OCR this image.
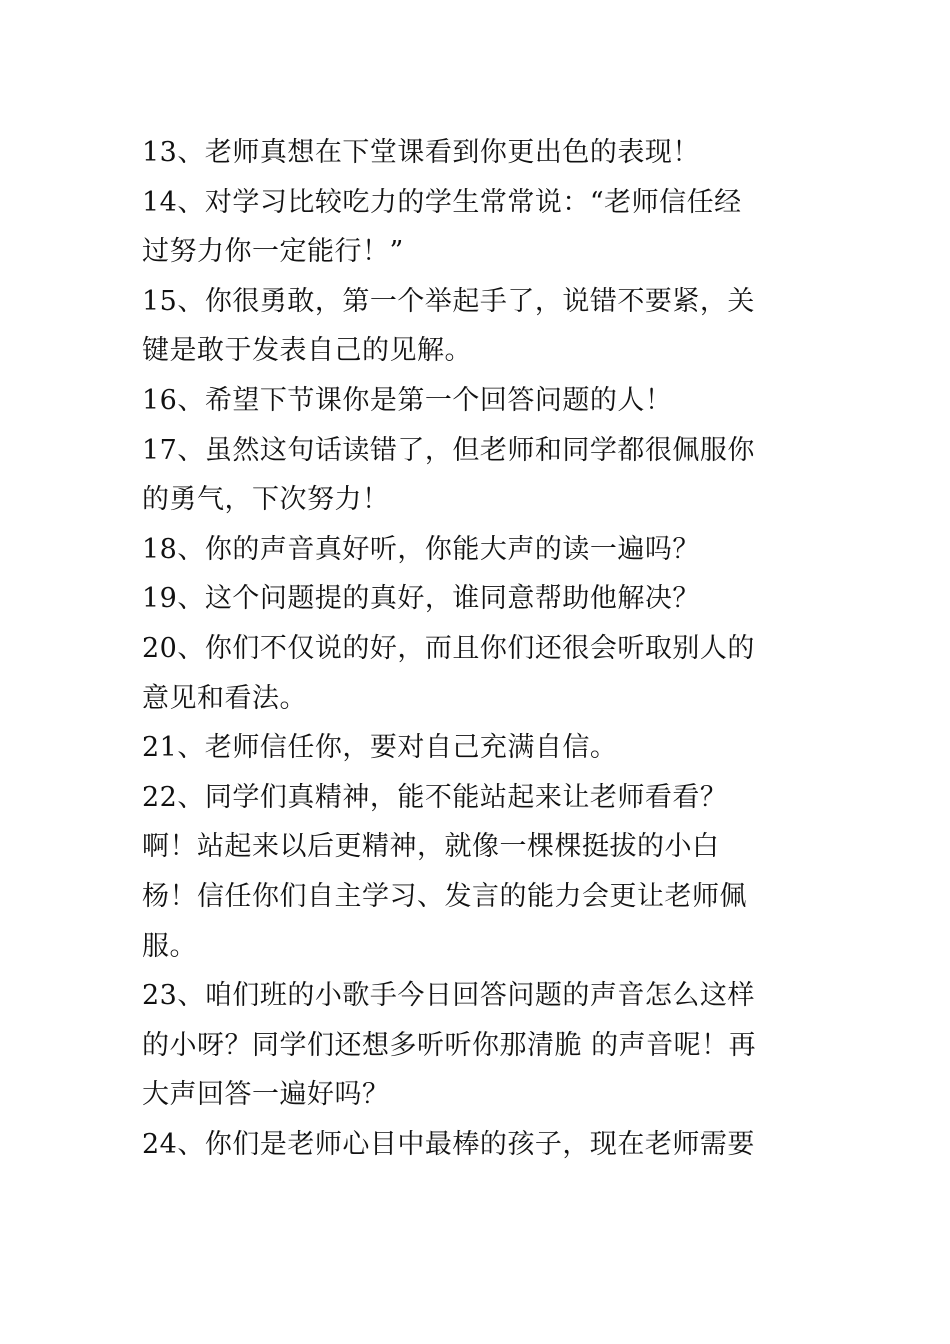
13、老师真想在下堂课看到你更出色的表现！
14、对学习比较吃力的学生常常说：“老师信任经
过努力你一定能行！”
15、你很勇敢，第一个举起手了，说错不要紧，关
键是敢于发表自己的见解。
16、希望下节课你是第一个回答问题的人！
17、虽然这句话读错了，但老师和同学都很佩服你
的勇气，下次努力！
18、你的声音真好听，你能大声的读一遍吗？
19、这个问题提的真好，谁同意帮助他解决？
20、你们不仅说的好，而且你们还很会听取别人的
意见和看法。
21、老师信任你，要对自己充满自信。
22、同学们真精神，能不能站起来让老师看看？
啊！站起来以后更精神，就像一棵棵挺拔的小白
杨！信任你们自主学习、发言的能力会更让老师佩
服。
23、咱们班的小歌手今日回答问题的声音怎么这样
的小呀？同学们还想多听听你那清脆 的声音呢！再
大声回答一遍好吗？
24、你们是老师心目中最棒的孩子，现在老师需要
